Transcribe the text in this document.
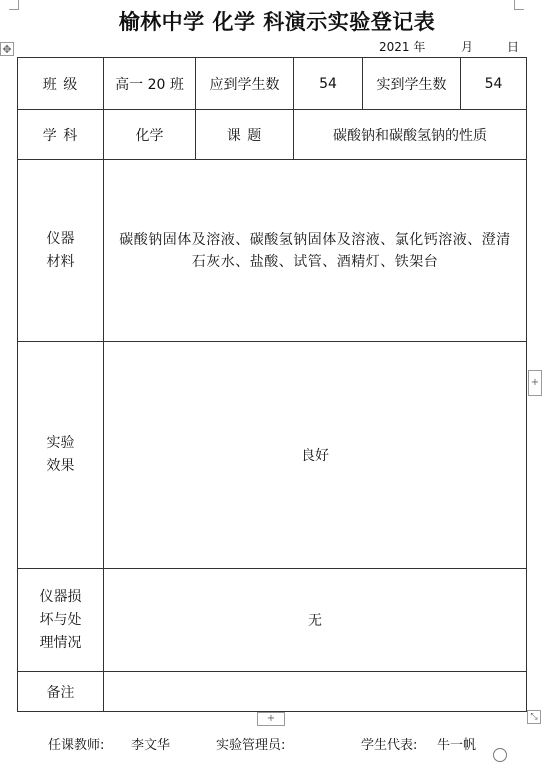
榆林中学 化学 科演示实验登记表
2021 年	月	日
✥
班 级	高一 20 班	应到学生数	54	实到学生数	54
学 科	化学	课 题	碳酸钠和碳酸氢钠的性质		

仪器
材料	碳酸钠固体及溶液、碳酸氢钠固体及溶液、氯化钙溶液、澄清石灰水、盐酸、试管、酒精灯、铁架台				

实验
效果	良好				

仪器损
坏与处
理情况	无				
备注					
+
+	⤡
任课教师: 李文华	实验管理员:	学生代表: 牛一帆
